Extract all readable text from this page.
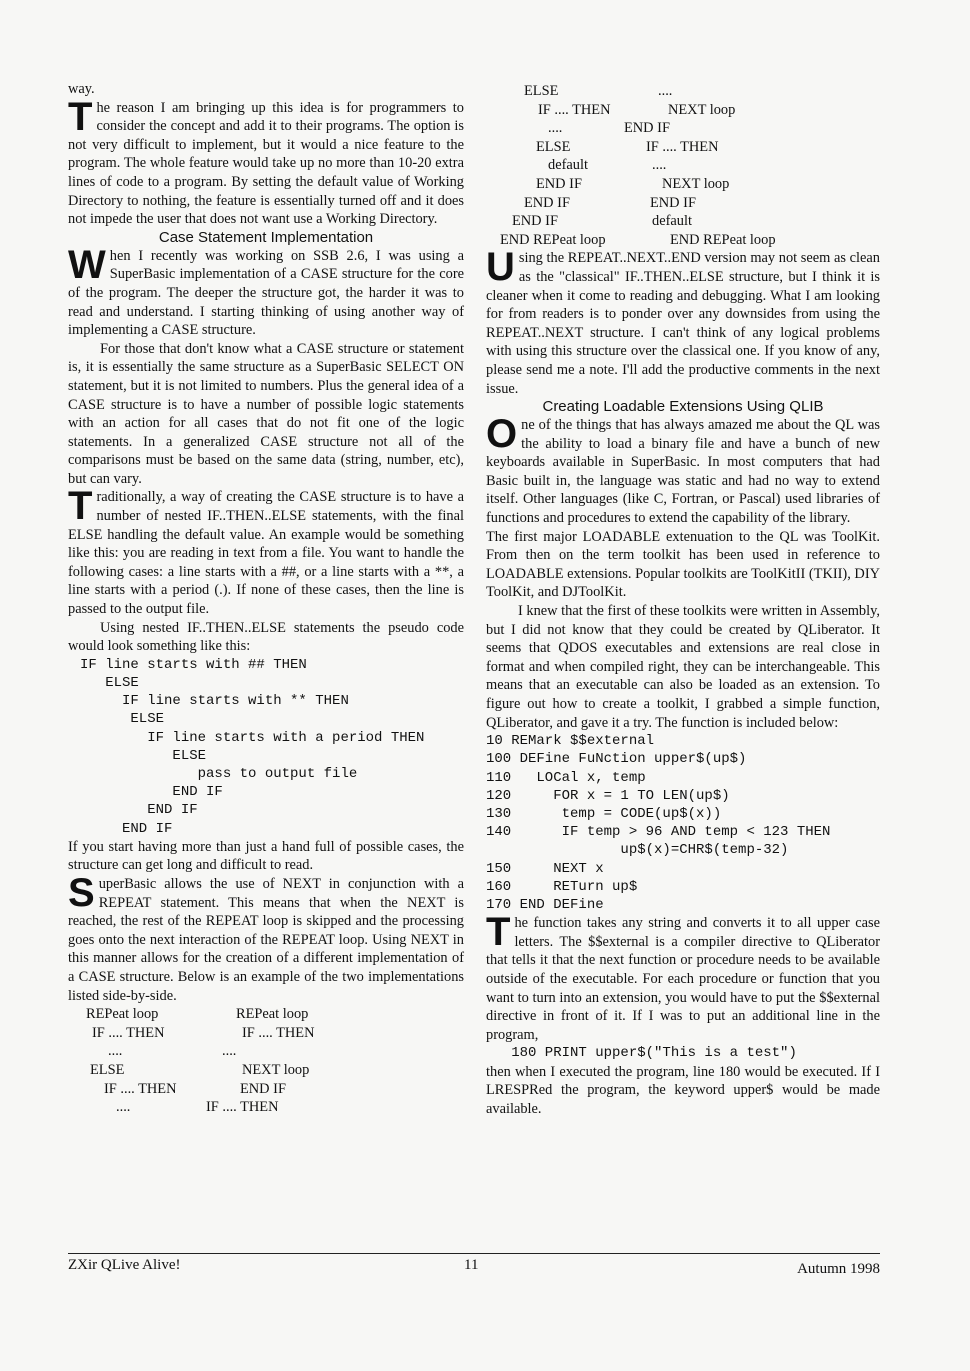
way.

The reason I am bringing up this idea is for programmers to consider the concept and add it to their programs. The option is not very difficult to implement, but it would a nice feature to the program. The whole feature would take up no more than 10-20 extra lines of code to a program. By setting the default value of Working Directory to nothing, the feature is essentially turned off and it does not impede the user that does not want use a Working Directory.

Case Statement Implementation

When I recently was working on SSB 2.6, I was using a SuperBasic implementation of a CASE structure for the core of the program. The deeper the structure got, the harder it was to read and understand. I starting thinking of using another way of implementing a CASE structure.

For those that don't know what a CASE structure or statement is, it is essentially the same structure as a SuperBasic SELECT ON statement, but it is not limited to numbers. Plus the general idea of a CASE structure is to have a number of possible logic statements with an action for all cases that do not fit one of the logic statements. In a generalized CASE structure not all of the comparisons must be based on the same data (string, number, etc), but can vary.

Traditionally, a way of creating the CASE structure is to have a number of nested IF..THEN..ELSE statements, with the final ELSE handling the default value. An example would be something like this: you are reading in text from a file. You want to handle the following cases: a line starts with a ##, or a line starts with a **, a line starts with a period (.). If none of these cases, then the line is passed to the output file.

Using nested IF..THEN..ELSE statements the pseudo code would look something like this:

IF line starts with ## THEN
ELSE
IF line starts with ** THEN
ELSE
IF line starts with a period THEN
ELSE
pass to output file
END IF
END IF
END IF

If you start having more than just a hand full of possible cases, the structure can get long and difficult to read.

SuperBasic allows the use of NEXT in conjunction with a REPEAT statement. This means that when the NEXT is reached, the rest of the REPEAT loop is skipped and the processing goes onto the next interaction of the REPEAT loop. Using NEXT in this manner allows for the creation of a different implementation of a CASE structure. Below is an example of the two implementations listed side-by-side.

REPeat loop	REPeat loop
IF .... THEN	IF .... THEN
....	....
ELSE	NEXT loop
IF .... THEN	END IF
....	IF .... THEN
ELSE	....
IF .... THEN	NEXT loop
....	END IF
ELSE	IF .... THEN
default	....
END IF	NEXT loop
END IF	END IF
END IF	default
END REPeat loop	END REPeat loop

Using the REPEAT..NEXT..END version may not seem as clean as the "classical" IF..THEN..ELSE structure, but I think it is cleaner when it come to reading and debugging. What I am looking for from readers is to ponder over any downsides from using the REPEAT..NEXT structure. I can't think of any logical problems with using this structure over the classical one. If you know of any, please send me a note. I'll add the productive comments in the next issue.

Creating Loadable Extensions Using QLIB

One of the things that has always amazed me about the QL was the ability to load a binary file and have a bunch of new keyboards available in SuperBasic. In most computers that had Basic built in, the language was static and had no way to extend itself. Other languages (like C, Fortran, or Pascal) used libraries of functions and procedures to extend the capability of the library.

The first major LOADABLE extenuation to the QL was ToolKit. From then on the term toolkit has been used in reference to LOADABLE extensions. Popular toolkits are ToolKitII (TKII), DIY ToolKit, and DJToolKit.

I knew that the first of these toolkits were written in Assembly, but I did not know that they could be created by QLiberator. It seems that QDOS executables and extensions are real close in format and when compiled right, they can be interchangeable. This means that an executable can also be loaded as an extension. To figure out how to create a toolkit, I grabbed a simple function, QLiberator, and gave it a try. The function is included below:

10 REMark $$external
100 DEFine FuNction upper$(up$)
110   LOCal x, temp
120     FOR x = 1 TO LEN(up$)
130      temp = CODE(up$(x))
140      IF temp > 96 AND temp < 123 THEN
up$(x)=CHR$(temp-32)
150     NEXT x
160     RETurn up$
170 END DEFine

The function takes any string and converts it to all upper case letters. The $$external is a compiler directive to QLiberator that tells it that the next function or procedure needs to be available outside of the executable. For each procedure or function that you want to turn into an extension, you would have to put the $$external directive in front of it. If I was to put an additional line in the program,

180 PRINT upper$("This is a test")

then when I executed the program, line 180 would be executed. If I LRESPRed the program, the keyword upper$ would be made available.

ZXir QLive Alive!	11	Autumn 1998
